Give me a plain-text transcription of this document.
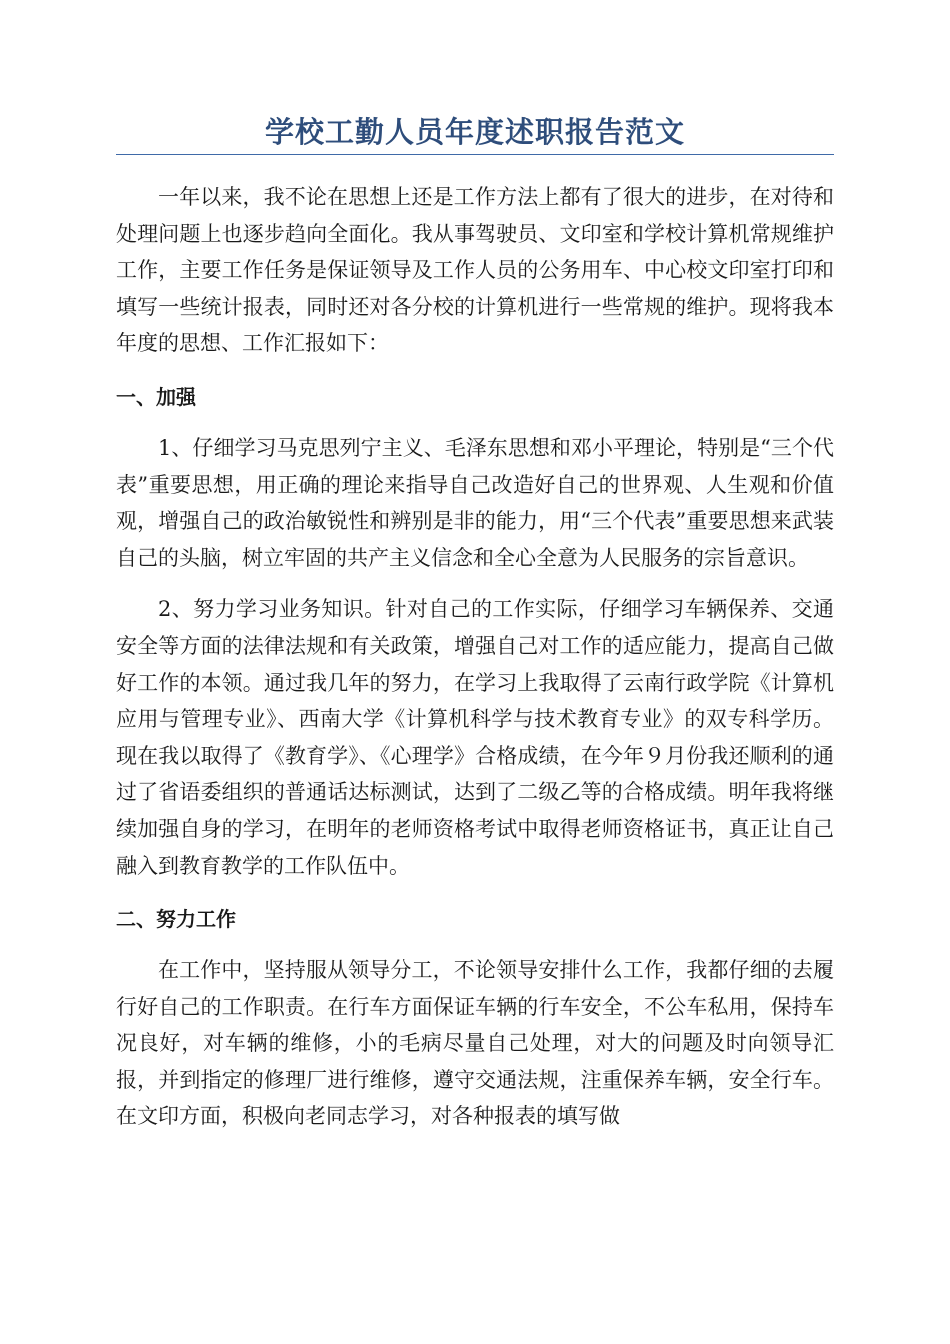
学校工勤人员年度述职报告范文

一年以来，我不论在思想上还是工作方法上都有了很大的进步，在对待和处理问题上也逐步趋向全面化。我从事驾驶员、文印室和学校计算机常规维护工作，主要工作任务是保证领导及工作人员的公务用车、中心校文印室打印和填写一些统计报表，同时还对各分校的计算机进行一些常规的维护。现将我本年度的思想、工作汇报如下：

一、加强

1、仔细学习马克思列宁主义、毛泽东思想和邓小平理论，特别是“三个代表”重要思想，用正确的理论来指导自己改造好自己的世界观、人生观和价值观，增强自己的政治敏锐性和辨别是非的能力，用“三个代表”重要思想来武装自己的头脑，树立牢固的共产主义信念和全心全意为人民服务的宗旨意识。

2、努力学习业务知识。针对自己的工作实际，仔细学习车辆保养、交通安全等方面的法律法规和有关政策，增强自己对工作的适应能力，提高自己做好工作的本领。通过我几年的努力，在学习上我取得了云南行政学院《计算机应用与管理专业》、西南大学《计算机科学与技术教育专业》的双专科学历。现在我以取得了《教育学》、《心理学》合格成绩，在今年９月份我还顺利的通过了省语委组织的普通话达标测试，达到了二级乙等的合格成绩。明年我将继续加强自身的学习，在明年的老师资格考试中取得老师资格证书，真正让自己融入到教育教学的工作队伍中。

二、努力工作

在工作中，坚持服从领导分工，不论领导安排什么工作，我都仔细的去履行好自己的工作职责。在行车方面保证车辆的行车安全，不公车私用，保持车况良好，对车辆的维修，小的毛病尽量自己处理，对大的问题及时向领导汇报，并到指定的修理厂进行维修，遵守交通法规，注重保养车辆，安全行车。在文印方面，积极向老同志学习，对各种报表的填写做
